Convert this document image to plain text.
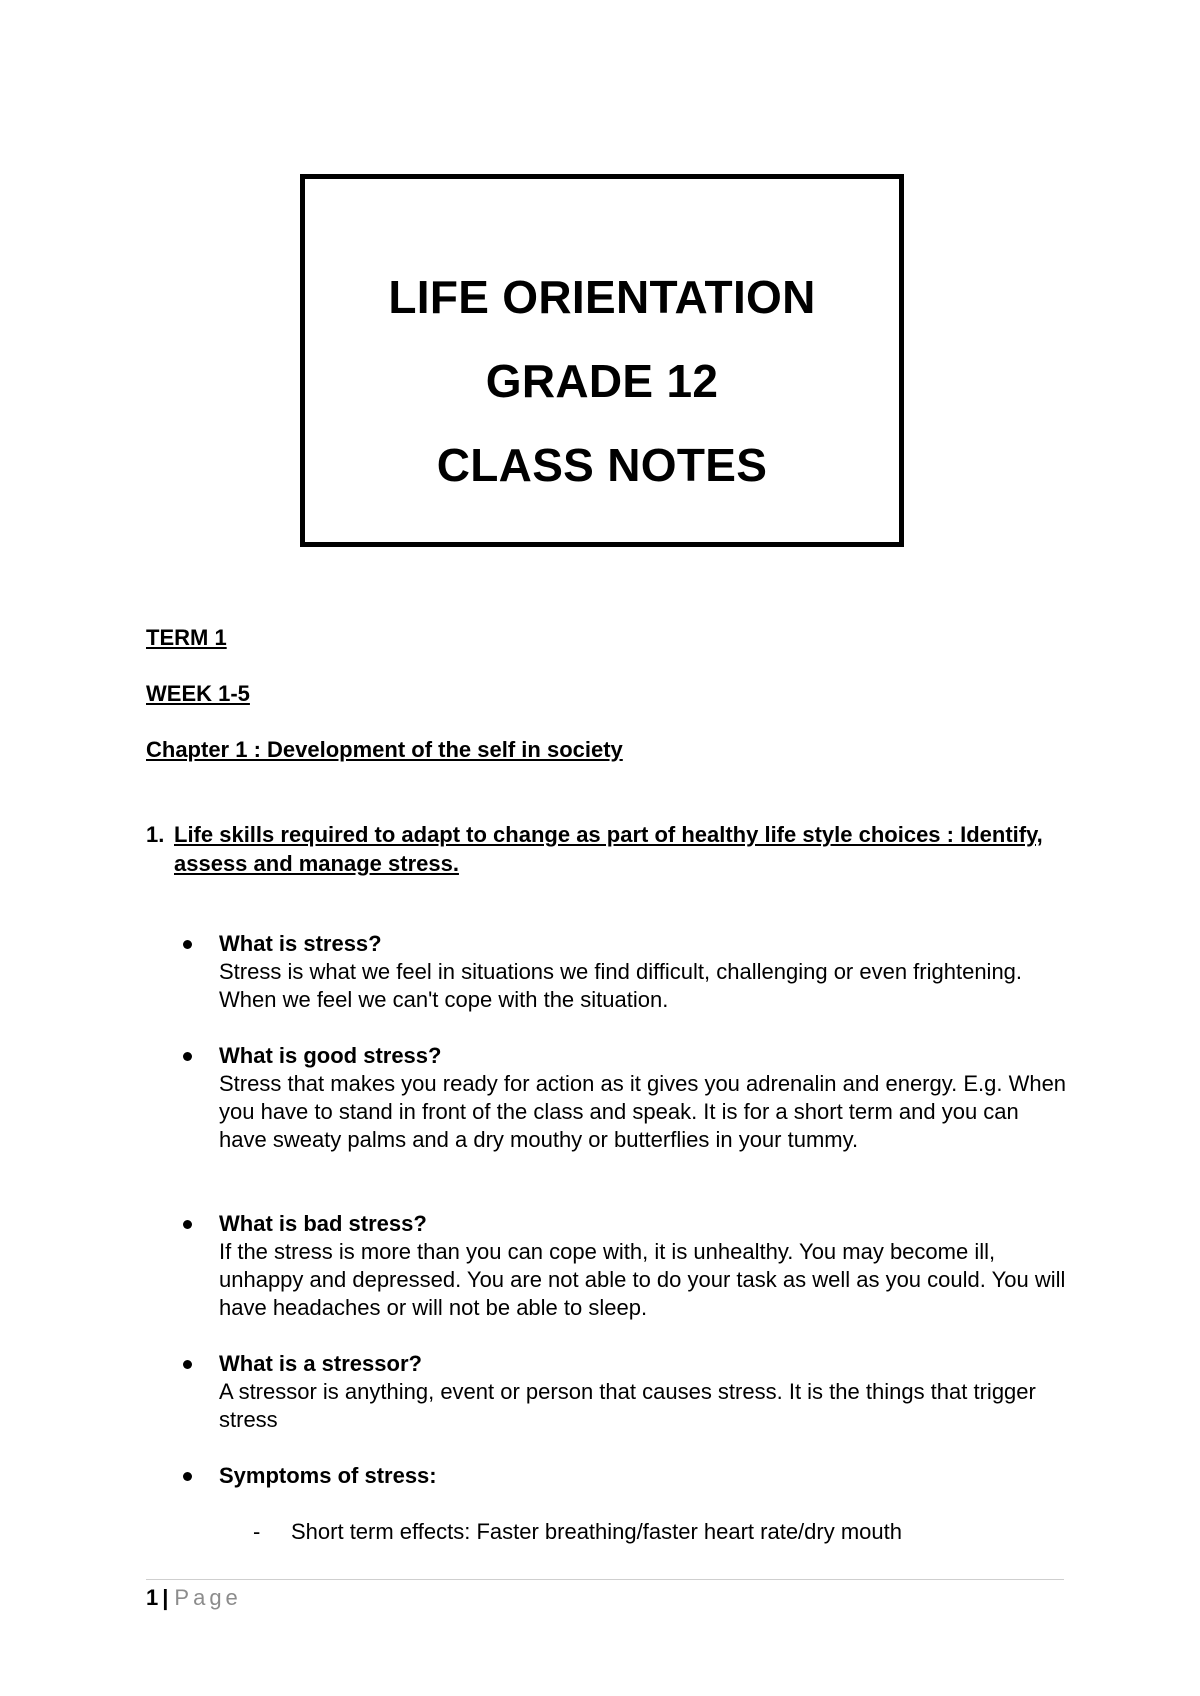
LIFE ORIENTATION
GRADE 12
CLASS NOTES
TERM 1
WEEK 1-5
Chapter 1 : Development of the self in society
1. Life skills required to adapt to change as part of healthy life style choices : Identify, assess and manage stress.
What is stress?
Stress is what we feel in situations we find difficult, challenging or even frightening. When we feel we can't cope with the situation.
What is good stress?
Stress that makes you ready for action as it gives you adrenalin and energy. E.g. When you have to stand in front of the class and speak. It is for a short term and you can have sweaty palms and a dry mouthy or butterflies in your tummy.
What is bad stress?
If the stress is more than you can cope with, it is unhealthy. You may become ill, unhappy and depressed. You are not able to do your task as well as you could. You will have headaches or will not be able to sleep.
What is a stressor?
A stressor is anything, event or person that causes stress. It is the things that trigger stress
Symptoms of stress:
- Short term effects: Faster breathing/faster heart rate/dry mouth
1 | Page
